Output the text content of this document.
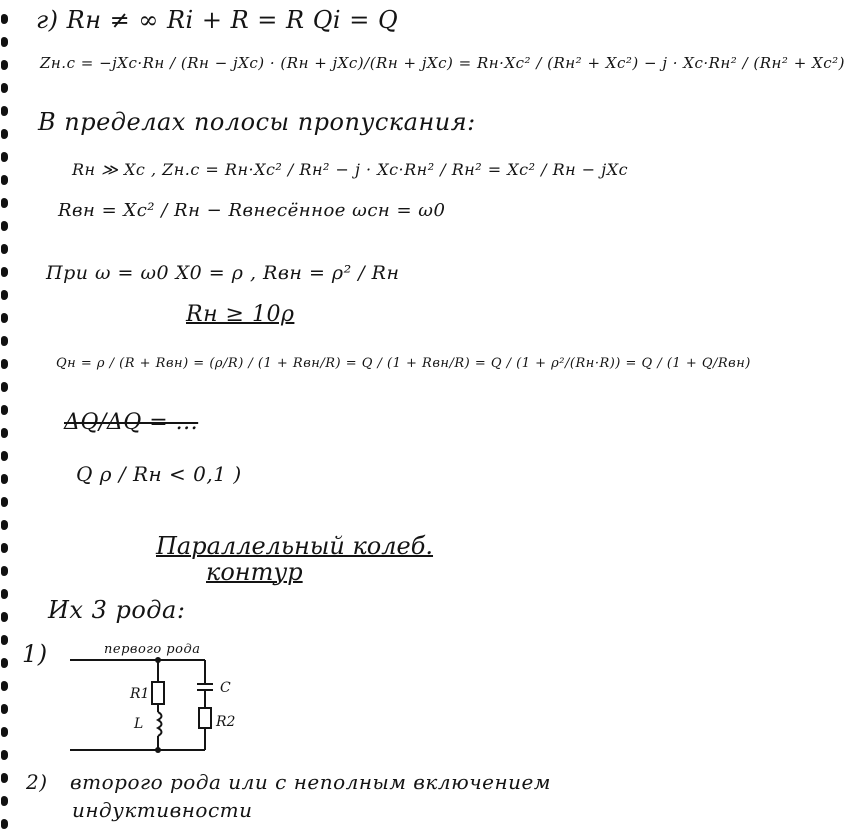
г) Rн ≠ ∞ Ri + R = R Qi = Q
Zн.с = −jXc·Rн / (Rн − jXc) · (Rн + jXc)/(Rн + jXc) = Rн·Xc² / (Rн² + Xc²) − j · Xc·Rн² / (Rн² + Xc²)
В пределах полосы пропускания:
Rн ≫ Xc , Zн.с = Rн·Xc² / Rн² − j · Xc·Rн² / Rн² = Xc² / Rн − jXc
Rвн = Xc² / Rн − Rвнесённое ωсн = ω0
При ω = ω0 X0 = ρ , Rвн = ρ² / Rн
Rн ≥ 10ρ
Qн = ρ / (R + Rвн) = (ρ/R) / (1 + Rвн/R) = Q / (1 + Rвн/R) = Q / (1 + ρ²/(Rн·R)) = Q / (1 + Q/Rвн)
ΔQ/ΔQ = ...
Q ρ / Rн < 0,1 )
Параллельный колеб.
контур
Их 3 рода:
1)	первого рода
R1
L
C
R2
2) второго рода или с неполным включением
индуктивности
